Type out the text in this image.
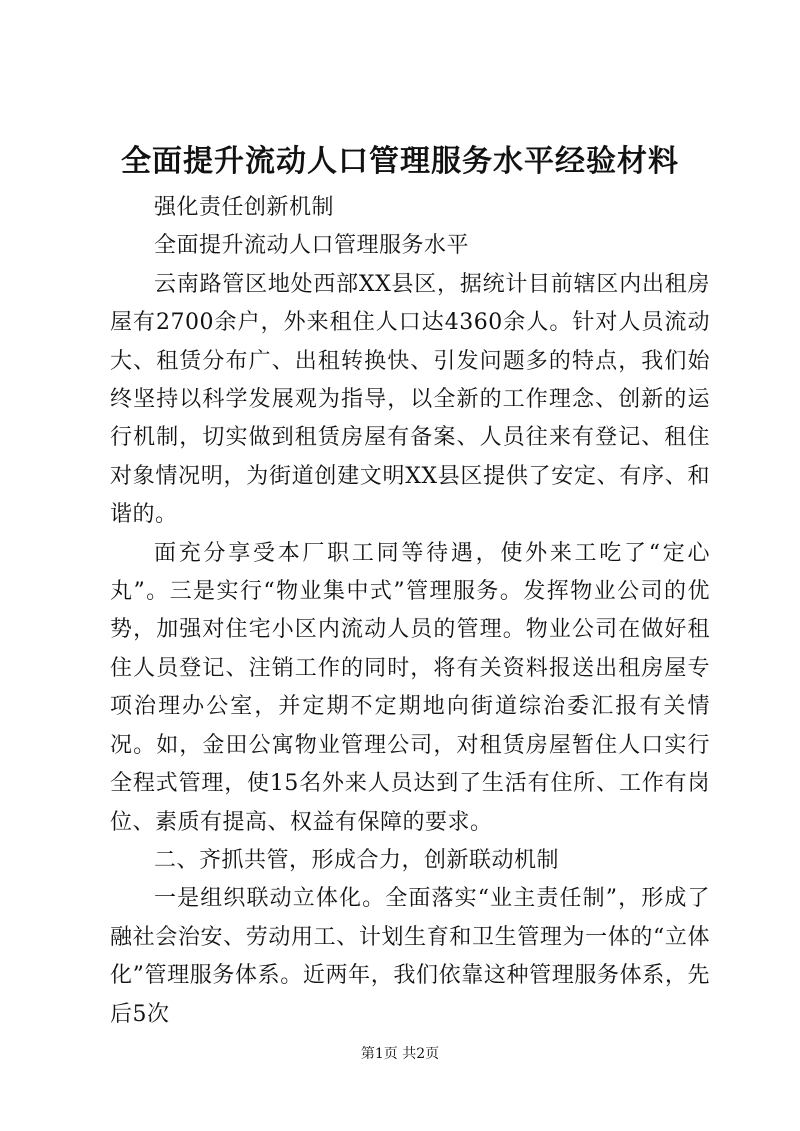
全面提升流动人口管理服务水平经验材料

强化责任创新机制

全面提升流动人口管理服务水平

云南路管区地处西部XX县区，据统计目前辖区内出租房屋有2700余户，外来租住人口达4360余人。针对人员流动大、租赁分布广、出租转换快、引发问题多的特点，我们始终坚持以科学发展观为指导，以全新的工作理念、创新的运行机制，切实做到租赁房屋有备案、人员往来有登记、租住对象情况明，为街道创建文明XX县区提供了安定、有序、和谐的。

面充分享受本厂职工同等待遇，使外来工吃了“定心丸”。三是实行“物业集中式”管理服务。发挥物业公司的优势，加强对住宅小区内流动人员的管理。物业公司在做好租住人员登记、注销工作的同时，将有关资料报送出租房屋专项治理办公室，并定期不定期地向街道综治委汇报有关情况。如，金田公寓物业管理公司，对租赁房屋暂住人口实行全程式管理，使15名外来人员达到了生活有住所、工作有岗位、素质有提高、权益有保障的要求。

二、齐抓共管，形成合力，创新联动机制

一是组织联动立体化。全面落实“业主责任制”，形成了融社会治安、劳动用工、计划生育和卫生管理为一体的“立体化”管理服务体系。近两年，我们依靠这种管理服务体系，先后5次

第1页 共2页
